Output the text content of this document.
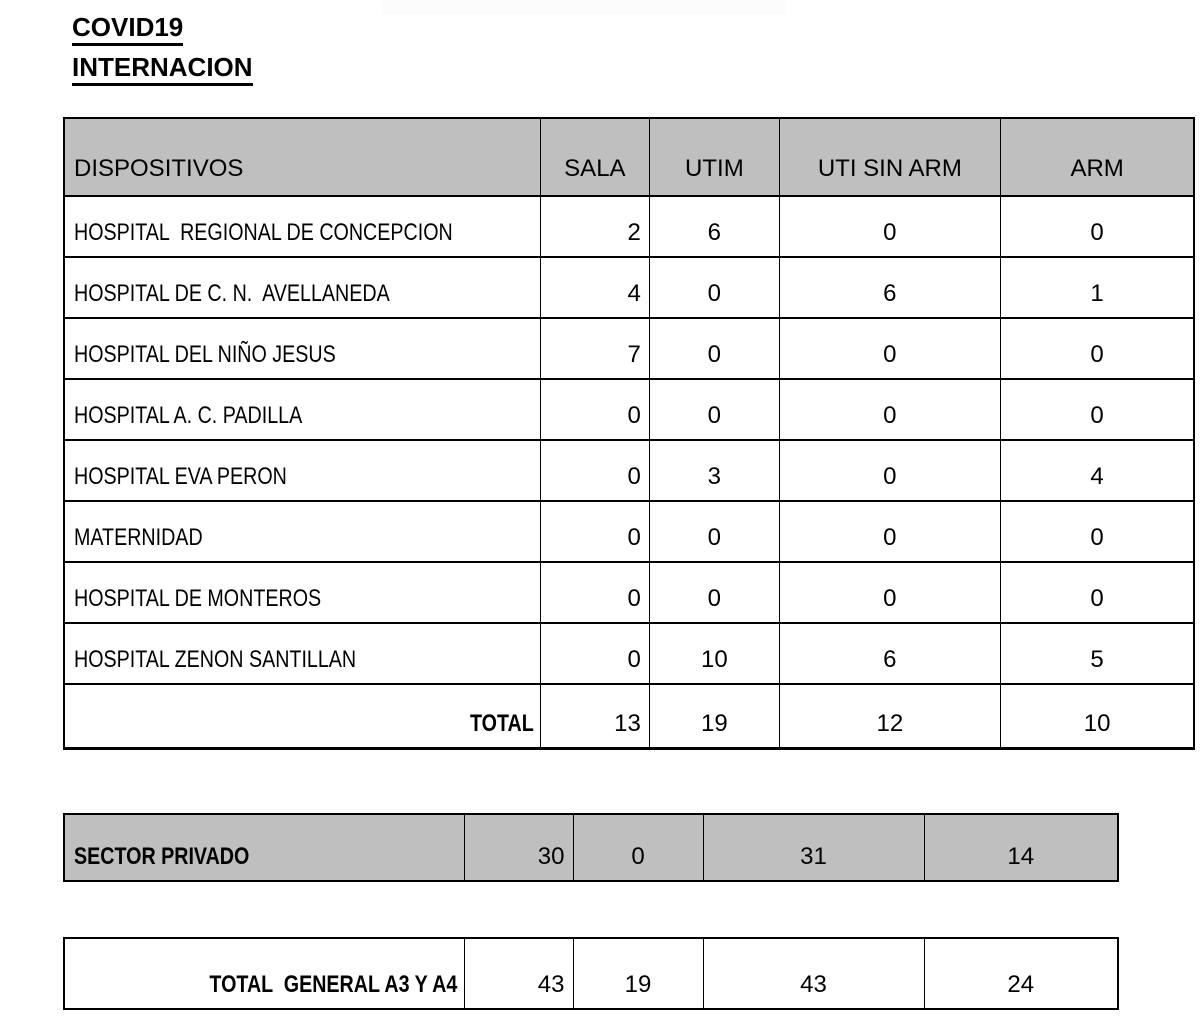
COVID19
INTERNACION
DISPOSITIVOS	SALA	UTIM	UTI SIN ARM	ARM
HOSPITAL  REGIONAL DE CONCEPCION	2	6	0	0
HOSPITAL DE C. N.  AVELLANEDA	4	0	6	1
HOSPITAL DEL NIÑO JESUS	7	0	0	0
HOSPITAL A. C. PADILLA	0	0	0	0
HOSPITAL EVA PERON	0	3	0	4
MATERNIDAD	0	0	0	0
HOSPITAL DE MONTEROS	0	0	0	0
HOSPITAL ZENON SANTILLAN	0	10	6	5
TOTAL	13	19	12	10
SECTOR PRIVADO	30	0	31	14
TOTAL  GENERAL A3 Y A4	43	19	43	24
